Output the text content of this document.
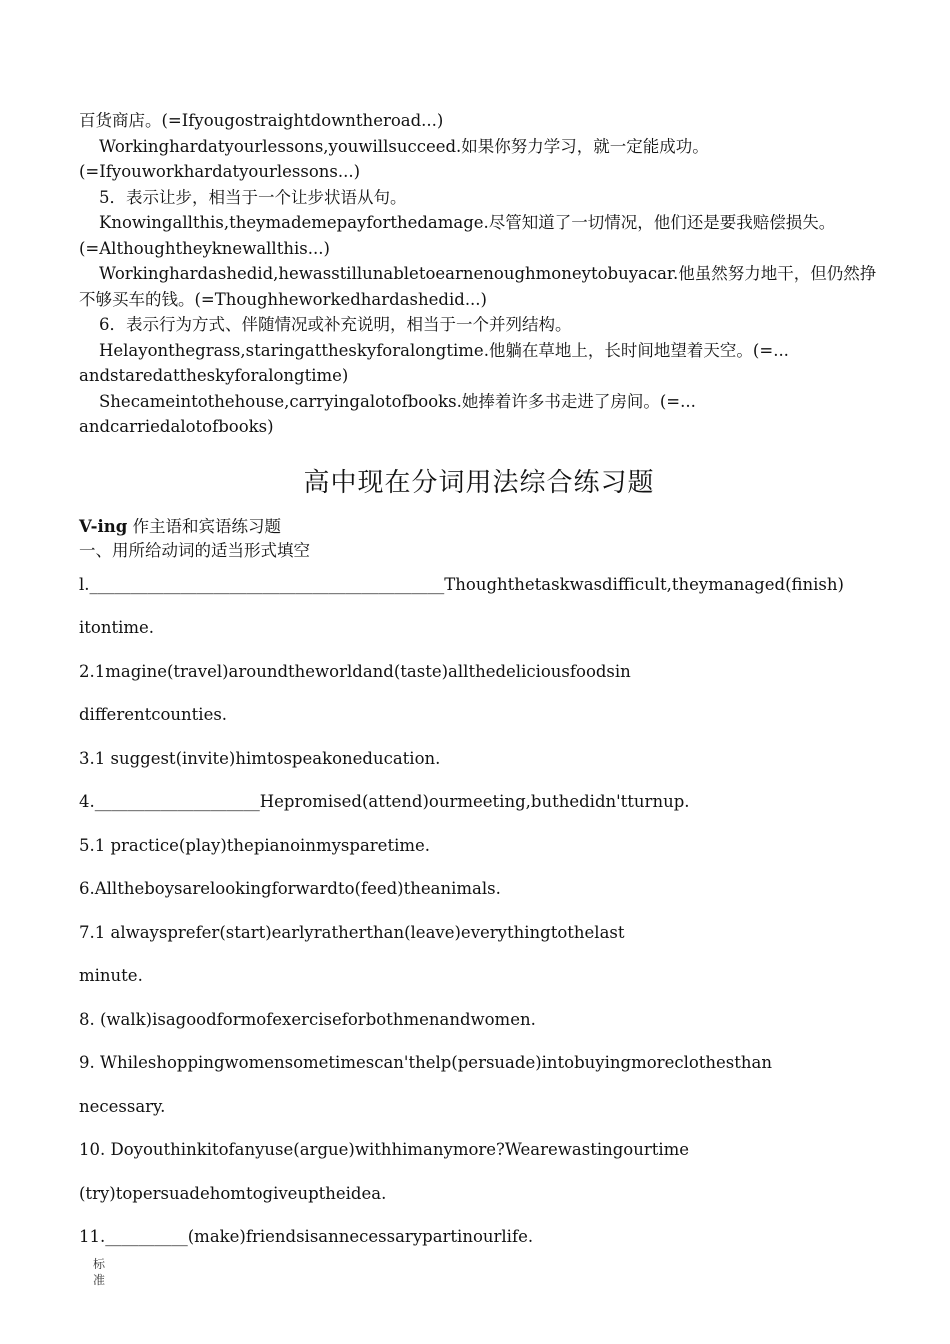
百货商店。(=Ifyougostraightdowntheroad...)
Workinghardatyourlessons,youwillsucceed.如果你努力学习，就一定能成功。
(=Ifyouworkhardatyourlessons...)
5．表示让步，相当于一个让步状语从句。
Knowingallthis,theymademepayforthedamage.尽管知道了一切情况，他们还是要我赔偿损失。
(=Althoughtheyknewallthis...)
Workinghardashedid,hewasstillunabletoearnenoughmoneytobuyacar.他虽然努力地干，但仍然挣
不够买车的钱。(=Thoughheworkedhardashedid...)
6．表示行为方式、伴随情况或补充说明，相当于一个并列结构。
Helayonthegrass,staringattheskyforalongtime.他躺在草地上，长时间地望着天空。(=...
andstaredattheskyforalongtime)
Shecameintothehouse,carryingalotofbooks.她捧着许多书走进了房间。(=...
andcarriedalotofbooks)
高中现在分词用法综合练习题
V-ing 作主语和宾语练习题
一、用所给动词的适当形式填空
l.___________________________________________Thoughthetaskwasdifficult,theymanaged(finish)
itontime.
2.1magine(travel)aroundtheworldand(taste)allthedeliciousfoodsin
differentcounties.
3.1 suggest(invite)himtospeakoneducation.
4.____________________Hepromised(attend)ourmeeting,buthedidn'tturnup.
5.1 practice(play)thepianoinmysparetime.
6.Alltheboysarelookingforwardto(feed)theanimals.
7.1 alwaysprefer(start)earlyratherthan(leave)everythingtothelast
minute.
8. (walk)isagoodformofexerciseforbothmenandwomen.
9. Whileshoppingwomensometimescan'thelp(persuade)intobuyingmoreclothesthan
necessary.
10. Doyouthinkitofanyuse(argue)withhimanymore?Wearewastingourtime
(try)topersuadehomtogiveuptheidea.
11.__________(make)friendsisannecessarypartinourlife.
标
准
